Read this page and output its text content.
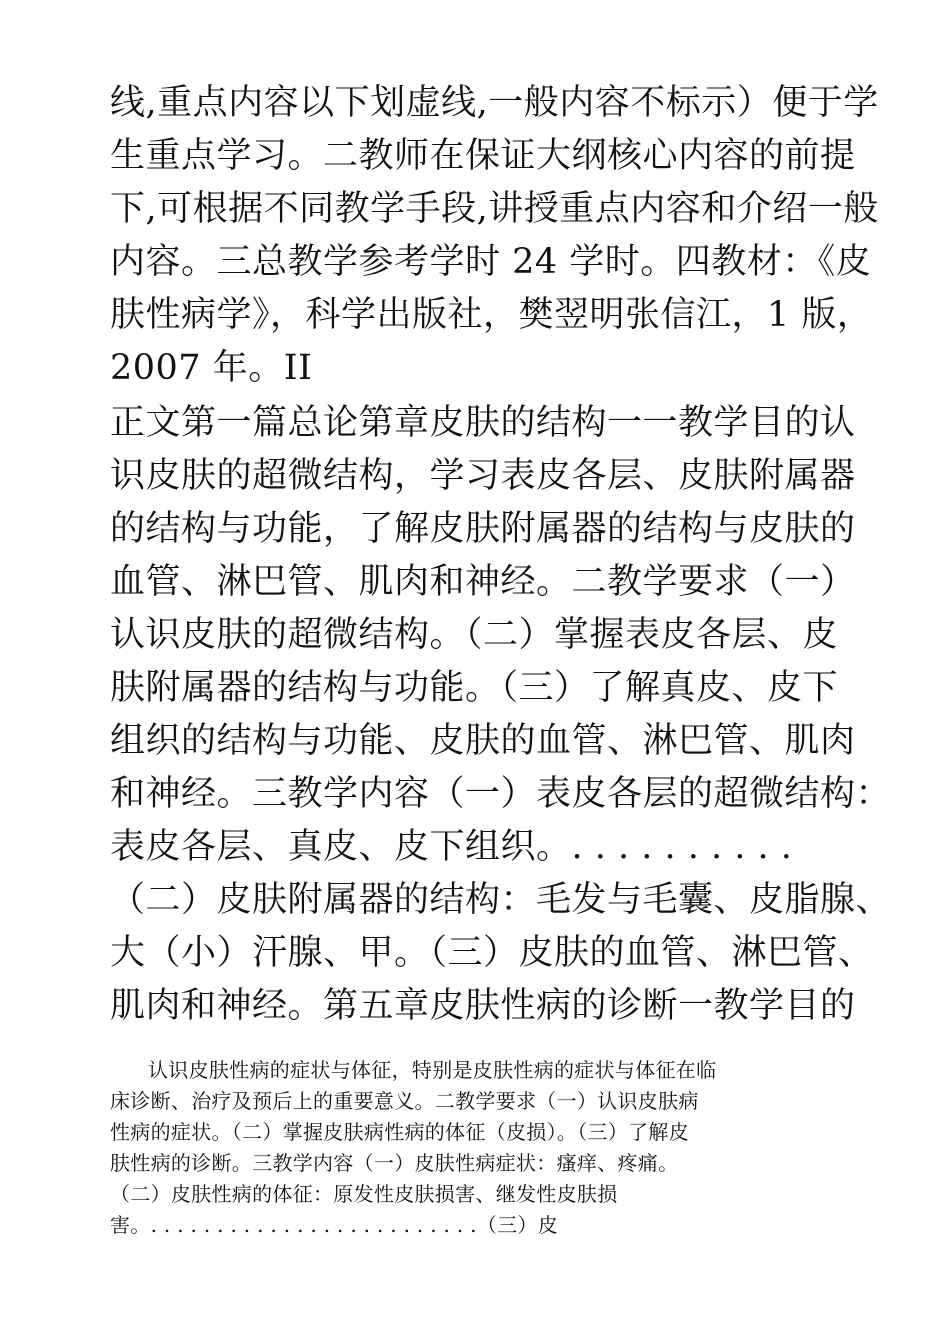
线,重点内容以下划虚线,一般内容不标示）便于学
生重点学习。二教师在保证大纲核心内容的前提
下,可根据不同教学手段,讲授重点内容和介绍一般
内容。三总教学参考学时 24 学时。四教材：《皮
肤性病学》，科学出版社，樊翌明张信江，1 版，
2007 年。II
正文第一篇总论第章皮肤的结构一一教学目的认
识皮肤的超微结构，学习表皮各层、皮肤附属器
的结构与功能，了解皮肤附属器的结构与皮肤的
血管、淋巴管、肌肉和神经。二教学要求（一）
认识皮肤的超微结构。（二）掌握表皮各层、皮
肤附属器的结构与功能。（三）了解真皮、皮下
组织的结构与功能、皮肤的血管、淋巴管、肌肉
和神经。三教学内容（一）表皮各层的超微结构：
表皮各层、真皮、皮下组织。. . . . . . . . . .
（二）皮肤附属器的结构：毛发与毛囊、皮脂腺、
大（小）汗腺、甲。（三）皮肤的血管、淋巴管、
肌肉和神经。第五章皮肤性病的诊断一教学目的
认识皮肤性病的症状与体征，特别是皮肤性病的症状与体征在临
床诊断、治疗及预后上的重要意义。二教学要求（一）认识皮肤病
性病的症状。（二）掌握皮肤病性病的体征（皮损）。（三）了解皮
肤性病的诊断。三教学内容（一）皮肤性病症状：瘙痒、疼痛。
（二）皮肤性病的体征：原发性皮肤损害、继发性皮肤损
害。. . . . . . . . . . . . . . . . . . . . . . . . .（三）皮
